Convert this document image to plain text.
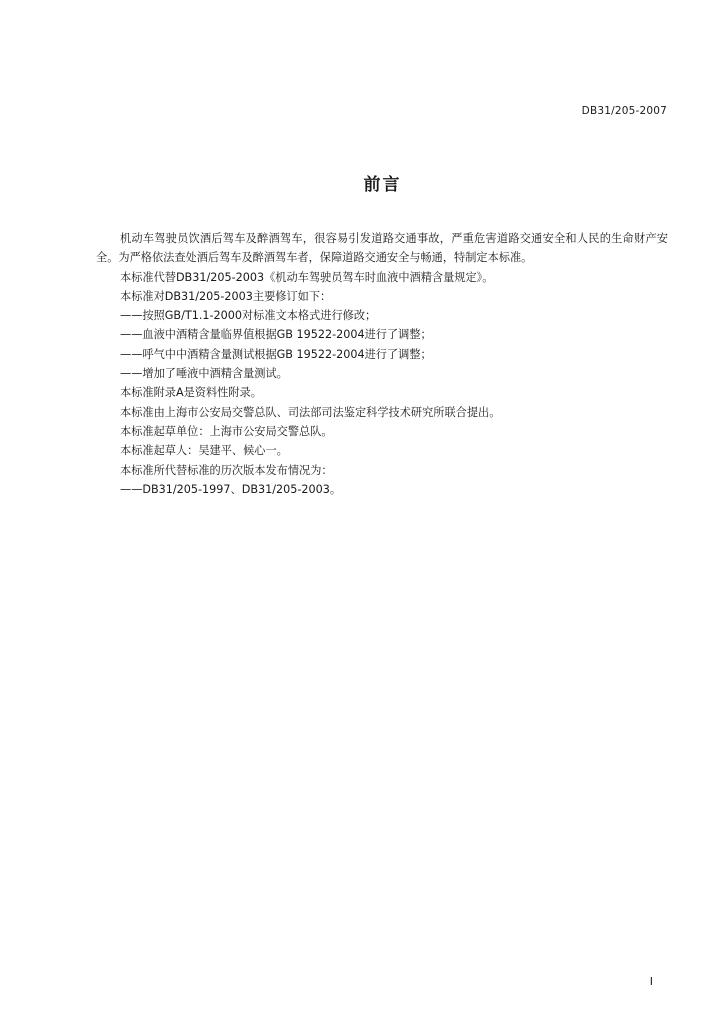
DB31/205-2007
前言

机动车驾驶员饮酒后驾车及醉酒驾车，很容易引发道路交通事故，严重危害道路交通安全和人民的生命财产安全。为严格依法查处酒后驾车及醉酒驾车者，保障道路交通安全与畅通，特制定本标准。

本标准代替DB31/205-2003《机动车驾驶员驾车时血液中酒精含量规定》。

本标准对DB31/205-2003主要修订如下：

——按照GB/T1.1-2000对标准文本格式进行修改；

——血液中酒精含量临界值根据GB 19522-2004进行了调整；

——呼气中中酒精含量测试根据GB 19522-2004进行了调整；

——增加了唾液中酒精含量测试。

本标准附录A是资料性附录。

本标准由上海市公安局交警总队、司法部司法鉴定科学技术研究所联合提出。

本标准起草单位：上海市公安局交警总队。

本标准起草人：吴建平、候心一。

本标准所代替标准的历次版本发布情况为：

——DB31/205-1997、DB31/205-2003。

I
